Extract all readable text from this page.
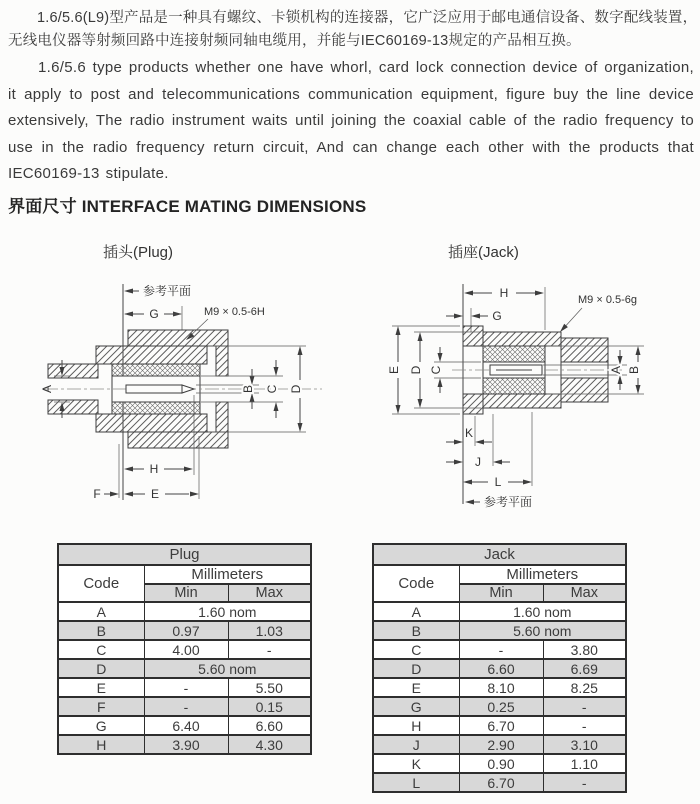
1.6/5.6(L9)型产品是一种具有螺纹、卡锁机构的连接器，它广泛应用于邮电通信设备、数字配线装置，
无线电仪器等射频回路中连接射频同轴电缆用，并能与IEC60169-13规定的产品相互换。

1.6/5.6 type products whether one have whorl, card lock connection device of organization, it apply to post and telecommunications communication equipment, figure buy the line device extensively, The radio instrument waits until joining the coaxial cable of the radio frequency to use in the radio frequency return circuit, And can change each other with the products that IEC60169-13 stipulate.

界面尺寸 INTERFACE MATING DIMENSIONS
插头(Plug)	插座(Jack)
参考平面
G	M9 × 0.5-6H
A	B C D
H
F	E
H
G
M9 × 0.5-6g
E D C	A B
K
J
L
参考平面
Plug		
Code	Millimeters	
	Min	Max
A	1.60 nom	
B	0.97	1.03
C	4.00	-
D	5.60 nom	
E	-	5.50
F	-	0.15
G	6.40	6.60
H	3.90	4.30
Jack		
Code	Millimeters	
	Min	Max
A	1.60 nom	
B	5.60 nom	
C	-	3.80
D	6.60	6.69
E	8.10	8.25
G	0.25	-
H	6.70	-
J	2.90	3.10
K	0.90	1.10
L	6.70	-
